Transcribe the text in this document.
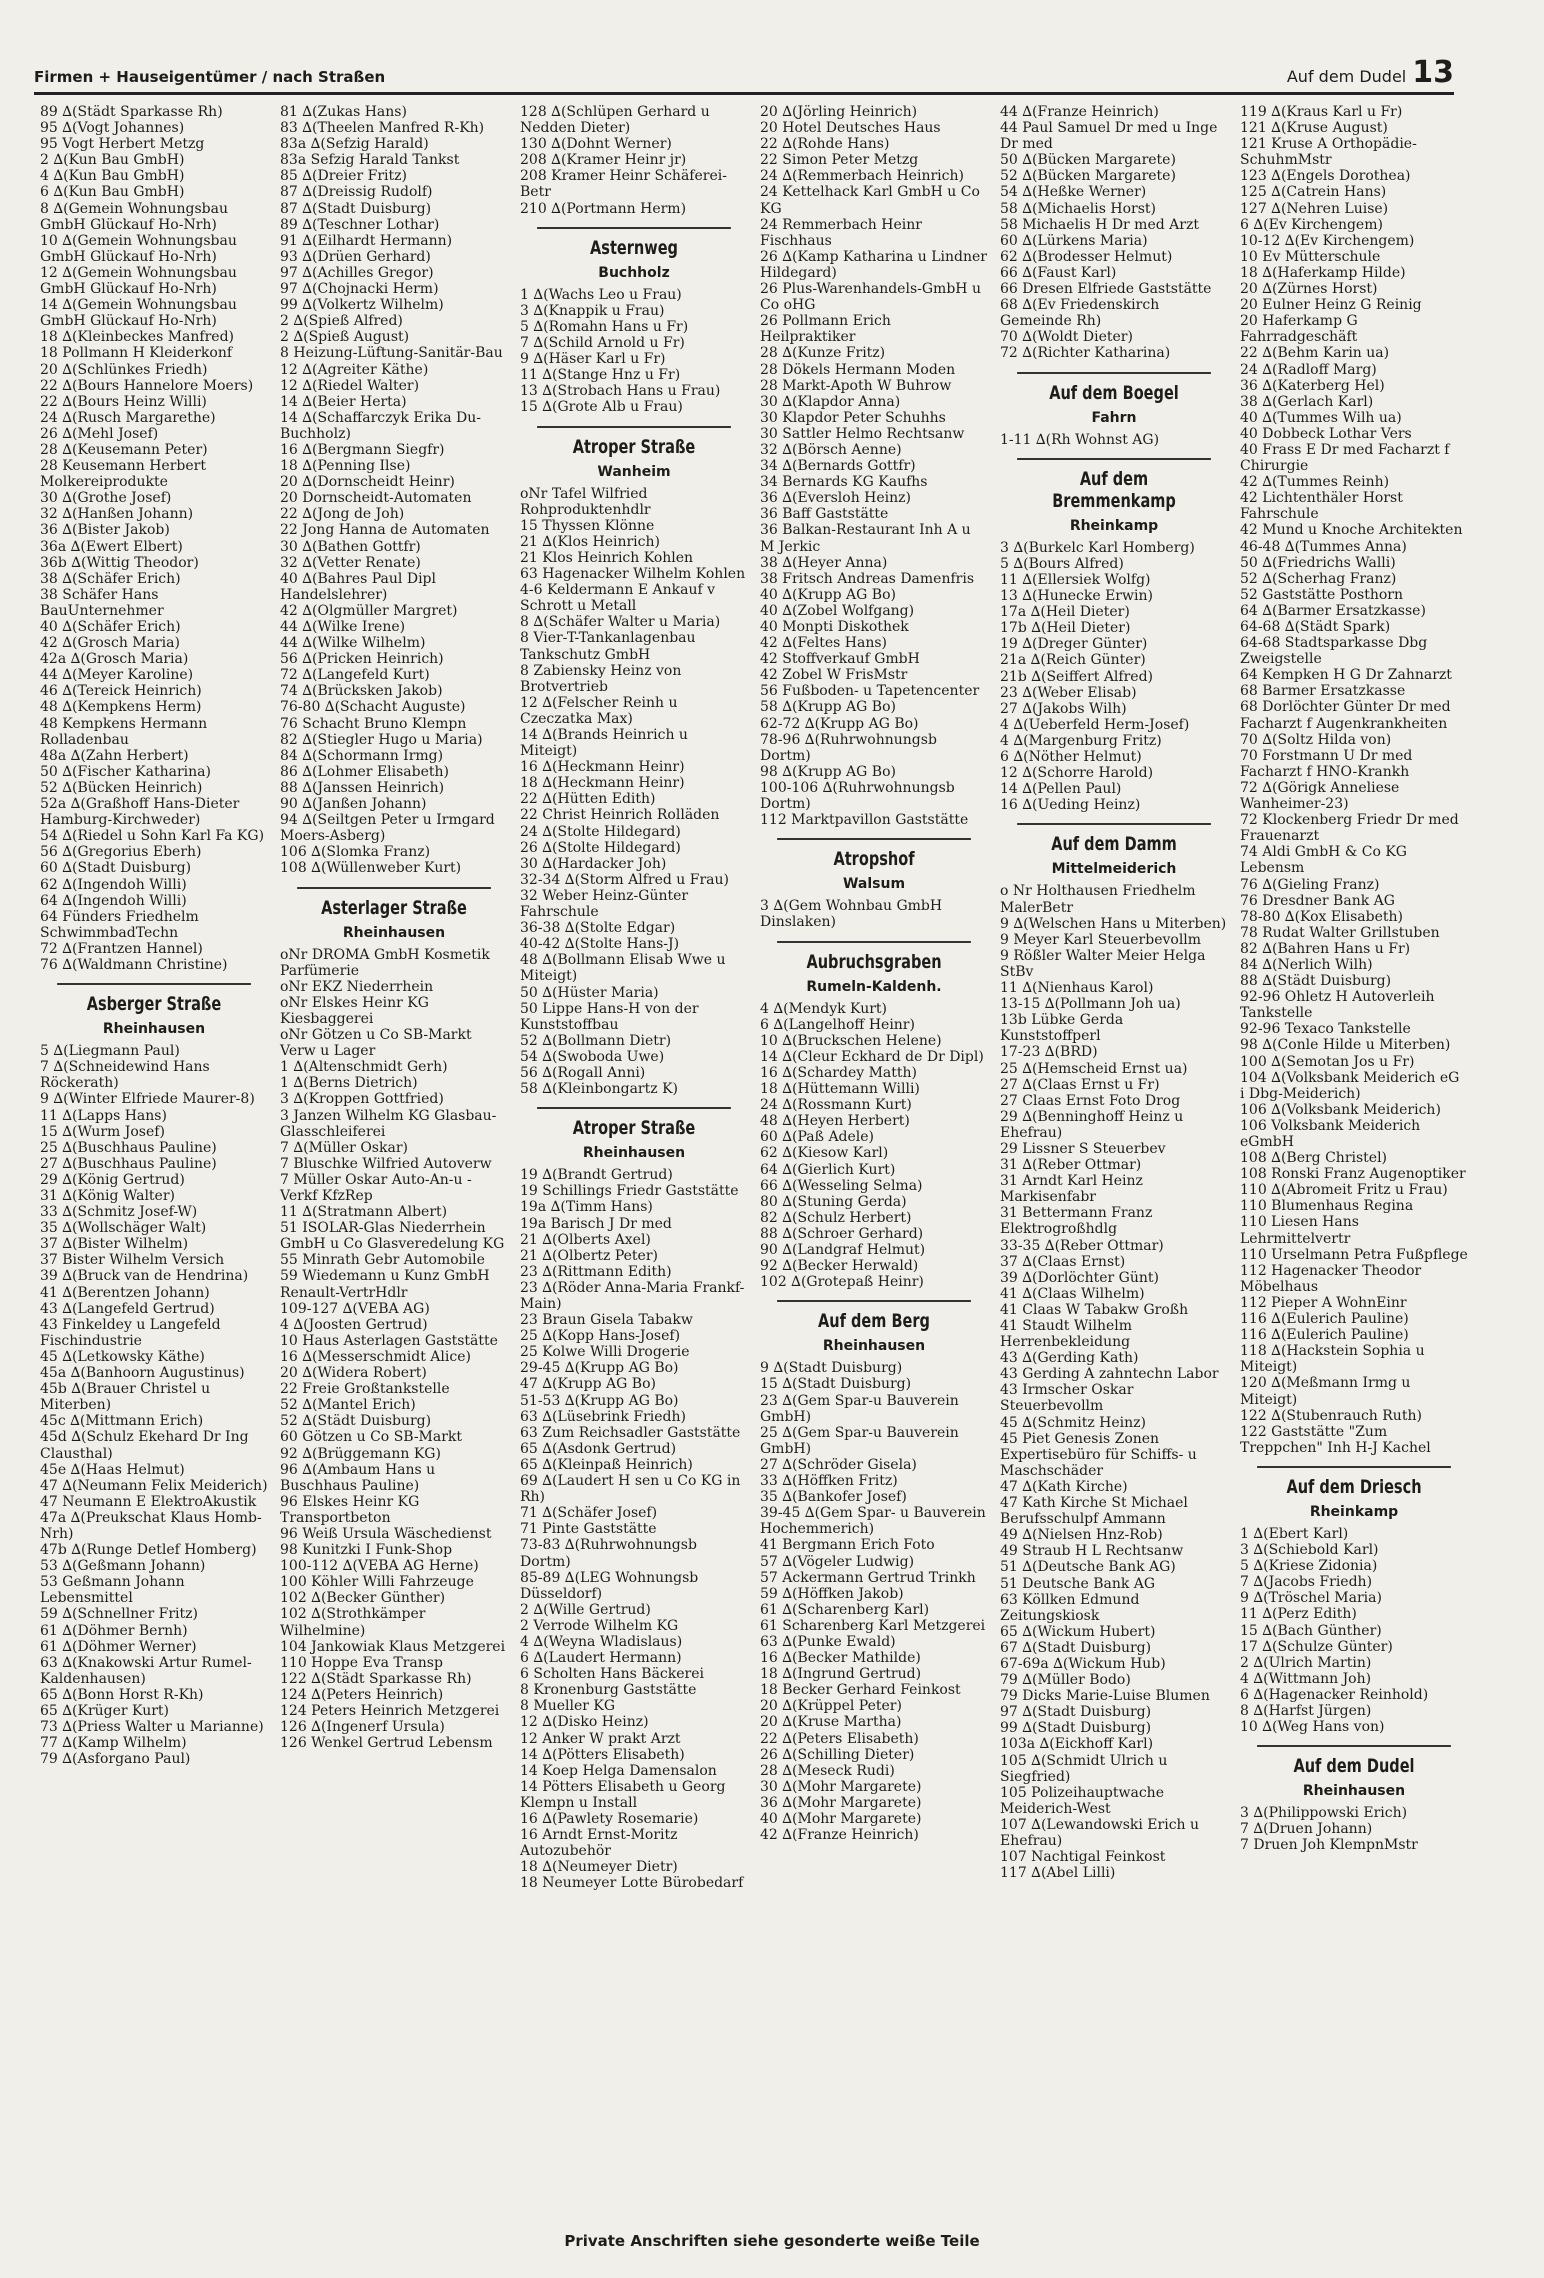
Firmen + Hauseigentümer / nach Straßen	Auf dem Dudel 13
89 ∆(Städt Sparkasse Rh)
95 ∆(Vogt Johannes)
95 Vogt Herbert Metzg
2 ∆(Kun Bau GmbH)
4 ∆(Kun Bau GmbH)
6 ∆(Kun Bau GmbH)
8 ∆(Gemein Wohnungsbau GmbH Glückauf Ho-Nrh)
10 ∆(Gemein Wohnungsbau GmbH Glückauf Ho-Nrh)
12 ∆(Gemein Wohnungsbau GmbH Glückauf Ho-Nrh)
14 ∆(Gemein Wohnungsbau GmbH Glückauf Ho-Nrh)
18 ∆(Kleinbeckes Manfred)
18 Pollmann H Kleiderkonf
20 ∆(Schlünkes Friedh)
22 ∆(Bours Hannelore Moers)
22 ∆(Bours Heinz Willi)
24 ∆(Rusch Margarethe)
26 ∆(Mehl Josef)
28 ∆(Keusemann Peter)
28 Keusemann Herbert Molkereiprodukte
30 ∆(Grothe Josef)
32 ∆(Hanßen Johann)
36 ∆(Bister Jakob)
36a ∆(Ewert Elbert)
36b ∆(Wittig Theodor)
38 ∆(Schäfer Erich)
38 Schäfer Hans BauUnternehmer
40 ∆(Schäfer Erich)
42 ∆(Grosch Maria)
42a ∆(Grosch Maria)
44 ∆(Meyer Karoline)
46 ∆(Tereick Heinrich)
48 ∆(Kempkens Herm)
48 Kempkens Hermann Rolladenbau
48a ∆(Zahn Herbert)
50 ∆(Fischer Katharina)
52 ∆(Bücken Heinrich)
52a ∆(Graßhoff Hans-Dieter Hamburg-Kirchweder)
54 ∆(Riedel u Sohn Karl Fa KG)
56 ∆(Gregorius Eberh)
60 ∆(Stadt Duisburg)
62 ∆(Ingendoh Willi)
64 ∆(Ingendoh Willi)
64 Fünders Friedhelm SchwimmbadTechn
72 ∆(Frantzen Hannel)
76 ∆(Waldmann Christine)
Asberger Straße
Rheinhausen
5 ∆(Liegmann Paul)
7 ∆(Schneidewind Hans Röckerath)
9 ∆(Winter Elfriede Maurer-8)
11 ∆(Lapps Hans)
15 ∆(Wurm Josef)
25 ∆(Buschhaus Pauline)
27 ∆(Buschhaus Pauline)
29 ∆(König Gertrud)
31 ∆(König Walter)
33 ∆(Schmitz Josef-W)
35 ∆(Wollschäger Walt)
37 ∆(Bister Wilhelm)
37 Bister Wilhelm Versich
39 ∆(Bruck van de Hendrina)
41 ∆(Berentzen Johann)
43 ∆(Langefeld Gertrud)
43 Finkeldey u Langefeld Fischindustrie
45 ∆(Letkowsky Käthe)
45a ∆(Banhoorn Augustinus)
45b ∆(Brauer Christel u Miterben)
45c ∆(Mittmann Erich)
45d ∆(Schulz Ekehard Dr Ing Clausthal)
45e ∆(Haas Helmut)
47 ∆(Neumann Felix Meiderich)
47 Neumann E ElektroAkustik
47a ∆(Preukschat Klaus Homb-Nrh)
47b ∆(Runge Detlef Homberg)
53 ∆(Geßmann Johann)
53 Geßmann Johann Lebensmittel
59 ∆(Schnellner Fritz)
61 ∆(Döhmer Bernh)
61 ∆(Döhmer Werner)
63 ∆(Knakowski Artur Rumel-Kaldenhausen)
65 ∆(Bonn Horst R-Kh)
65 ∆(Krüger Kurt)
73 ∆(Priess Walter u Marianne)
77 ∆(Kamp Wilhelm)
79 ∆(Asforgano Paul)
81 ∆(Zukas Hans)
83 ∆(Theelen Manfred R-Kh)
83a ∆(Sefzig Harald)
83a Sefzig Harald Tankst
85 ∆(Dreier Fritz)
87 ∆(Dreissig Rudolf)
87 ∆(Stadt Duisburg)
89 ∆(Teschner Lothar)
91 ∆(Eilhardt Hermann)
93 ∆(Drüen Gerhard)
97 ∆(Achilles Gregor)
97 ∆(Chojnacki Herm)
99 ∆(Volkertz Wilhelm)
2 ∆(Spieß Alfred)
2 ∆(Spieß August)
8 Heizung-Lüftung-Sanitär-Bau
12 ∆(Agreiter Käthe)
12 ∆(Riedel Walter)
14 ∆(Beier Herta)
14 ∆(Schaffarczyk Erika Du-Buchholz)
16 ∆(Bergmann Siegfr)
18 ∆(Penning Ilse)
20 ∆(Dornscheidt Heinr)
20 Dornscheidt-Automaten
22 ∆(Jong de Joh)
22 Jong Hanna de Automaten
30 ∆(Bathen Gottfr)
32 ∆(Vetter Renate)
40 ∆(Bahres Paul Dipl Handelslehrer)
42 ∆(Olgmüller Margret)
44 ∆(Wilke Irene)
44 ∆(Wilke Wilhelm)
56 ∆(Pricken Heinrich)
72 ∆(Langefeld Kurt)
74 ∆(Brücksken Jakob)
76-80 ∆(Schacht Auguste)
76 Schacht Bruno Klempn
82 ∆(Stiegler Hugo u Maria)
84 ∆(Schormann Irmg)
86 ∆(Lohmer Elisabeth)
88 ∆(Janssen Heinrich)
90 ∆(Janßen Johann)
94 ∆(Seiltgen Peter u Irmgard Moers-Asberg)
106 ∆(Slomka Franz)
108 ∆(Wüllenweber Kurt)
Asterlager Straße
Rheinhausen
oNr DROMA GmbH Kosmetik Parfümerie
oNr EKZ Niederrhein
oNr Elskes Heinr KG Kiesbaggerei
oNr Götzen u Co SB-Markt Verw u Lager
1 ∆(Altenschmidt Gerh)
1 ∆(Berns Dietrich)
3 ∆(Kroppen Gottfried)
3 Janzen Wilhelm KG Glasbau-Glasschleiferei
7 ∆(Müller Oskar)
7 Bluschke Wilfried Autoverw
7 Müller Oskar Auto-An-u -Verkf KfzRep
11 ∆(Stratmann Albert)
51 ISOLAR-Glas Niederrhein GmbH u Co Glasveredelung KG
55 Minrath Gebr Automobile
59 Wiedemann u Kunz GmbH Renault-VertrHdlr
109-127 ∆(VEBA AG)
4 ∆(Joosten Gertrud)
10 Haus Asterlagen Gaststätte
16 ∆(Messerschmidt Alice)
20 ∆(Widera Robert)
22 Freie Großtankstelle
52 ∆(Mantel Erich)
52 ∆(Städt Duisburg)
60 Götzen u Co SB-Markt
92 ∆(Brüggemann KG)
96 ∆(Ambaum Hans u Buschhaus Pauline)
96 Elskes Heinr KG Transportbeton
96 Weiß Ursula Wäschedienst
98 Kunitzki I Funk-Shop
100-112 ∆(VEBA AG Herne)
100 Köhler Willi Fahrzeuge
102 ∆(Becker Günther)
102 ∆(Strothkämper Wilhelmine)
104 Jankowiak Klaus Metzgerei
110 Hoppe Eva Transp
122 ∆(Städt Sparkasse Rh)
124 ∆(Peters Heinrich)
124 Peters Heinrich Metzgerei
126 ∆(Ingenerf Ursula)
126 Wenkel Gertrud Lebensm
128 ∆(Schlüpen Gerhard u Nedden Dieter)
130 ∆(Dohnt Werner)
208 ∆(Kramer Heinr jr)
208 Kramer Heinr Schäferei-Betr
210 ∆(Portmann Herm)
Asternweg
Buchholz
1 ∆(Wachs Leo u Frau)
3 ∆(Knappik u Frau)
5 ∆(Romahn Hans u Fr)
7 ∆(Schild Arnold u Fr)
9 ∆(Häser Karl u Fr)
11 ∆(Stange Hnz u Fr)
13 ∆(Strobach Hans u Frau)
15 ∆(Grote Alb u Frau)
Atroper Straße
Wanheim
oNr Tafel Wilfried Rohproduktenhdlr
15 Thyssen Klönne
21 ∆(Klos Heinrich)
21 Klos Heinrich Kohlen
63 Hagenacker Wilhelm Kohlen
4-6 Keldermann E Ankauf v Schrott u Metall
8 ∆(Schäfer Walter u Maria)
8 Vier-T-Tankanlagenbau Tankschutz GmbH
8 Zabiensky Heinz von Brotvertrieb
12 ∆(Felscher Reinh u Czeczatka Max)
14 ∆(Brands Heinrich u Miteigt)
16 ∆(Heckmann Heinr)
18 ∆(Heckmann Heinr)
22 ∆(Hütten Edith)
22 Christ Heinrich Rolläden
24 ∆(Stolte Hildegard)
26 ∆(Stolte Hildegard)
30 ∆(Hardacker Joh)
32-34 ∆(Storm Alfred u Frau)
32 Weber Heinz-Günter Fahrschule
36-38 ∆(Stolte Edgar)
40-42 ∆(Stolte Hans-J)
48 ∆(Bollmann Elisab Wwe u Miteigt)
50 ∆(Hüster Maria)
50 Lippe Hans-H von der Kunststoffbau
52 ∆(Bollmann Dietr)
54 ∆(Swoboda Uwe)
56 ∆(Rogall Anni)
58 ∆(Kleinbongartz K)
Atroper Straße
Rheinhausen
19 ∆(Brandt Gertrud)
19 Schillings Friedr Gaststätte
19a ∆(Timm Hans)
19a Barisch J Dr med
21 ∆(Olberts Axel)
21 ∆(Olbertz Peter)
23 ∆(Rittmann Edith)
23 ∆(Röder Anna-Maria Frankf-Main)
23 Braun Gisela Tabakw
25 ∆(Kopp Hans-Josef)
25 Kolwe Willi Drogerie
29-45 ∆(Krupp AG Bo)
47 ∆(Krupp AG Bo)
51-53 ∆(Krupp AG Bo)
63 ∆(Lüsebrink Friedh)
63 Zum Reichsadler Gaststätte
65 ∆(Asdonk Gertrud)
65 ∆(Kleinpaß Heinrich)
69 ∆(Laudert H sen u Co KG in Rh)
71 ∆(Schäfer Josef)
71 Pinte Gaststätte
73-83 ∆(Ruhrwohnungsb Dortm)
85-89 ∆(LEG Wohnungsb Düsseldorf)
2 ∆(Wille Gertrud)
2 Verrode Wilhelm KG
4 ∆(Weyna Wladislaus)
6 ∆(Laudert Hermann)
6 Scholten Hans Bäckerei
8 Kronenburg Gaststätte
8 Mueller KG
12 ∆(Disko Heinz)
12 Anker W prakt Arzt
14 ∆(Pötters Elisabeth)
14 Koep Helga Damensalon
14 Pötters Elisabeth u Georg Klempn u Install
16 ∆(Pawlety Rosemarie)
16 Arndt Ernst-Moritz Autozubehör
18 ∆(Neumeyer Dietr)
18 Neumeyer Lotte Bürobedarf
20 ∆(Jörling Heinrich)
20 Hotel Deutsches Haus
22 ∆(Rohde Hans)
22 Simon Peter Metzg
24 ∆(Remmerbach Heinrich)
24 Kettelhack Karl GmbH u Co KG
24 Remmerbach Heinr Fischhaus
26 ∆(Kamp Katharina u Lindner Hildegard)
26 Plus-Warenhandels-GmbH u Co oHG
26 Pollmann Erich Heilpraktiker
28 ∆(Kunze Fritz)
28 Dökels Hermann Moden
28 Markt-Apoth W Buhrow
30 ∆(Klapdor Anna)
30 Klapdor Peter Schuhhs
30 Sattler Helmo Rechtsanw
32 ∆(Börsch Aenne)
34 ∆(Bernards Gottfr)
34 Bernards KG Kaufhs
36 ∆(Eversloh Heinz)
36 Baff Gaststätte
36 Balkan-Restaurant Inh A u M Jerkic
38 ∆(Heyer Anna)
38 Fritsch Andreas Damenfris
40 ∆(Krupp AG Bo)
40 ∆(Zobel Wolfgang)
40 Monpti Diskothek
42 ∆(Feltes Hans)
42 Stoffverkauf GmbH
42 Zobel W FrisMstr
56 Fußboden- u Tapetencenter
58 ∆(Krupp AG Bo)
62-72 ∆(Krupp AG Bo)
78-96 ∆(Ruhrwohnungsb Dortm)
98 ∆(Krupp AG Bo)
100-106 ∆(Ruhrwohnungsb Dortm)
112 Marktpavillon Gaststätte
Atropshof
Walsum
3 ∆(Gem Wohnbau GmbH Dinslaken)
Aubruchsgraben
Rumeln-Kaldenh.
4 ∆(Mendyk Kurt)
6 ∆(Langelhoff Heinr)
10 ∆(Bruckschen Helene)
14 ∆(Cleur Eckhard de Dr Dipl)
16 ∆(Schardey Matth)
18 ∆(Hüttemann Willi)
24 ∆(Rossmann Kurt)
48 ∆(Heyen Herbert)
60 ∆(Paß Adele)
62 ∆(Kiesow Karl)
64 ∆(Gierlich Kurt)
66 ∆(Wesseling Selma)
80 ∆(Stuning Gerda)
82 ∆(Schulz Herbert)
88 ∆(Schroer Gerhard)
90 ∆(Landgraf Helmut)
92 ∆(Becker Herwald)
102 ∆(Grotepaß Heinr)
Auf dem Berg
Rheinhausen
9 ∆(Stadt Duisburg)
15 ∆(Stadt Duisburg)
23 ∆(Gem Spar-u Bauverein GmbH)
25 ∆(Gem Spar-u Bauverein GmbH)
27 ∆(Schröder Gisela)
33 ∆(Höffken Fritz)
35 ∆(Bankofer Josef)
39-45 ∆(Gem Spar- u Bauverein Hochemmerich)
41 Bergmann Erich Foto
57 ∆(Vögeler Ludwig)
57 Ackermann Gertrud Trinkh
59 ∆(Höffken Jakob)
61 ∆(Scharenberg Karl)
61 Scharenberg Karl Metzgerei
63 ∆(Punke Ewald)
16 ∆(Becker Mathilde)
18 ∆(Ingrund Gertrud)
18 Becker Gerhard Feinkost
20 ∆(Krüppel Peter)
20 ∆(Kruse Martha)
22 ∆(Peters Elisabeth)
26 ∆(Schilling Dieter)
28 ∆(Meseck Rudi)
30 ∆(Mohr Margarete)
36 ∆(Mohr Margarete)
40 ∆(Mohr Margarete)
42 ∆(Franze Heinrich)
44 ∆(Franze Heinrich)
44 Paul Samuel Dr med u Inge Dr med
50 ∆(Bücken Margarete)
52 ∆(Bücken Margarete)
54 ∆(Heßke Werner)
58 ∆(Michaelis Horst)
58 Michaelis H Dr med Arzt
60 ∆(Lürkens Maria)
62 ∆(Brodesser Helmut)
66 ∆(Faust Karl)
66 Dresen Elfriede Gaststätte
68 ∆(Ev Friedenskirch Gemeinde Rh)
70 ∆(Woldt Dieter)
72 ∆(Richter Katharina)
Auf dem Boegel
Fahrn
1-11 ∆(Rh Wohnst AG)
Auf dem Bremmenkamp
Rheinkamp
3 ∆(Burkelc Karl Homberg)
5 ∆(Bours Alfred)
11 ∆(Ellersiek Wolfg)
13 ∆(Hunecke Erwin)
17a ∆(Heil Dieter)
17b ∆(Heil Dieter)
19 ∆(Dreger Günter)
21a ∆(Reich Günter)
21b ∆(Seiffert Alfred)
23 ∆(Weber Elisab)
27 ∆(Jakobs Wilh)
4 ∆(Ueberfeld Herm-Josef)
4 ∆(Margenburg Fritz)
6 ∆(Nöther Helmut)
12 ∆(Schorre Harold)
14 ∆(Pellen Paul)
16 ∆(Ueding Heinz)
Auf dem Damm
Mittelmeiderich
o Nr Holthausen Friedhelm MalerBetr
9 ∆(Welschen Hans u Miterben)
9 Meyer Karl Steuerbevollm
9 Rößler Walter Meier Helga StBv
11 ∆(Nienhaus Karol)
13-15 ∆(Pollmann Joh ua)
13b Lübke Gerda Kunststoffperl
17-23 ∆(BRD)
25 ∆(Hemscheid Ernst ua)
27 ∆(Claas Ernst u Fr)
27 Claas Ernst Foto Drog
29 ∆(Benninghoff Heinz u Ehefrau)
29 Lissner S Steuerbev
31 ∆(Reber Ottmar)
31 Arndt Karl Heinz Markisenfabr
31 Bettermann Franz Elektrogroßhdlg
33-35 ∆(Reber Ottmar)
37 ∆(Claas Ernst)
39 ∆(Dorlöchter Günt)
41 ∆(Claas Wilhelm)
41 Claas W Tabakw Großh
41 Staudt Wilhelm Herrenbekleidung
43 ∆(Gerding Kath)
43 Gerding A zahntechn Labor
43 Irmscher Oskar Steuerbevollm
45 ∆(Schmitz Heinz)
45 Piet Genesis Zonen Expertisebüro für Schiffs- u Maschschäder
47 ∆(Kath Kirche)
47 Kath Kirche St Michael Berufsschulpf Ammann
49 ∆(Nielsen Hnz-Rob)
49 Straub H L Rechtsanw
51 ∆(Deutsche Bank AG)
51 Deutsche Bank AG
63 Köllken Edmund Zeitungskiosk
65 ∆(Wickum Hubert)
67 ∆(Stadt Duisburg)
67-69a ∆(Wickum Hub)
79 ∆(Müller Bodo)
79 Dicks Marie-Luise Blumen
97 ∆(Stadt Duisburg)
99 ∆(Stadt Duisburg)
103a ∆(Eickhoff Karl)
105 ∆(Schmidt Ulrich u Siegfried)
105 Polizeihauptwache Meiderich-West
107 ∆(Lewandowski Erich u Ehefrau)
107 Nachtigal Feinkost
117 ∆(Abel Lilli)
119 ∆(Kraus Karl u Fr)
121 ∆(Kruse August)
121 Kruse A Orthopädie-SchuhmMstr
123 ∆(Engels Dorothea)
125 ∆(Catrein Hans)
127 ∆(Nehren Luise)
6 ∆(Ev Kirchengem)
10-12 ∆(Ev Kirchengem)
10 Ev Mütterschule
18 ∆(Haferkamp Hilde)
20 ∆(Zürnes Horst)
20 Eulner Heinz G Reinig
20 Haferkamp G Fahrradgeschäft
22 ∆(Behm Karin ua)
24 ∆(Radloff Marg)
36 ∆(Katerberg Hel)
38 ∆(Gerlach Karl)
40 ∆(Tummes Wilh ua)
40 Dobbeck Lothar Vers
40 Frass E Dr med Facharzt f Chirurgie
42 ∆(Tummes Reinh)
42 Lichtenthäler Horst Fahrschule
42 Mund u Knoche Architekten
46-48 ∆(Tummes Anna)
50 ∆(Friedrichs Walli)
52 ∆(Scherhag Franz)
52 Gaststätte Posthorn
64 ∆(Barmer Ersatzkasse)
64-68 ∆(Städt Spark)
64-68 Stadtsparkasse Dbg Zweigstelle
64 Kempken H G Dr Zahnarzt
68 Barmer Ersatzkasse
68 Dorlöchter Günter Dr med Facharzt f Augenkrankheiten
70 ∆(Soltz Hilda von)
70 Forstmann U Dr med Facharzt f HNO-Krankh
72 ∆(Görigk Anneliese Wanheimer-23)
72 Klockenberg Friedr Dr med Frauenarzt
74 Aldi GmbH & Co KG Lebensm
76 ∆(Gieling Franz)
76 Dresdner Bank AG
78-80 ∆(Kox Elisabeth)
78 Rudat Walter Grillstuben
82 ∆(Bahren Hans u Fr)
84 ∆(Nerlich Wilh)
88 ∆(Städt Duisburg)
92-96 Ohletz H Autoverleih Tankstelle
92-96 Texaco Tankstelle
98 ∆(Conle Hilde u Miterben)
100 ∆(Semotan Jos u Fr)
104 ∆(Volksbank Meiderich eG i Dbg-Meiderich)
106 ∆(Volksbank Meiderich)
106 Volksbank Meiderich eGmbH
108 ∆(Berg Christel)
108 Ronski Franz Augenoptiker
110 ∆(Abromeit Fritz u Frau)
110 Blumenhaus Regina
110 Liesen Hans Lehrmittelvertr
110 Urselmann Petra Fußpflege
112 Hagenacker Theodor Möbelhaus
112 Pieper A WohnEinr
116 ∆(Eulerich Pauline)
116 ∆(Eulerich Pauline)
118 ∆(Hackstein Sophia u Miteigt)
120 ∆(Meßmann Irmg u Miteigt)
122 ∆(Stubenrauch Ruth)
122 Gaststätte "Zum Treppchen" Inh H-J Kachel
Auf dem Driesch
Rheinkamp
1 ∆(Ebert Karl)
3 ∆(Schiebold Karl)
5 ∆(Kriese Zidonia)
7 ∆(Jacobs Friedh)
9 ∆(Tröschel Maria)
11 ∆(Perz Edith)
15 ∆(Bach Günther)
17 ∆(Schulze Günter)
2 ∆(Ulrich Martin)
4 ∆(Wittmann Joh)
6 ∆(Hagenacker Reinhold)
8 ∆(Harfst Jürgen)
10 ∆(Weg Hans von)
Auf dem Dudel
Rheinhausen
3 ∆(Philippowski Erich)
7 ∆(Druen Johann)
7 Druen Joh KlempnMstr
Private Anschriften siehe gesonderte weiße Teile
